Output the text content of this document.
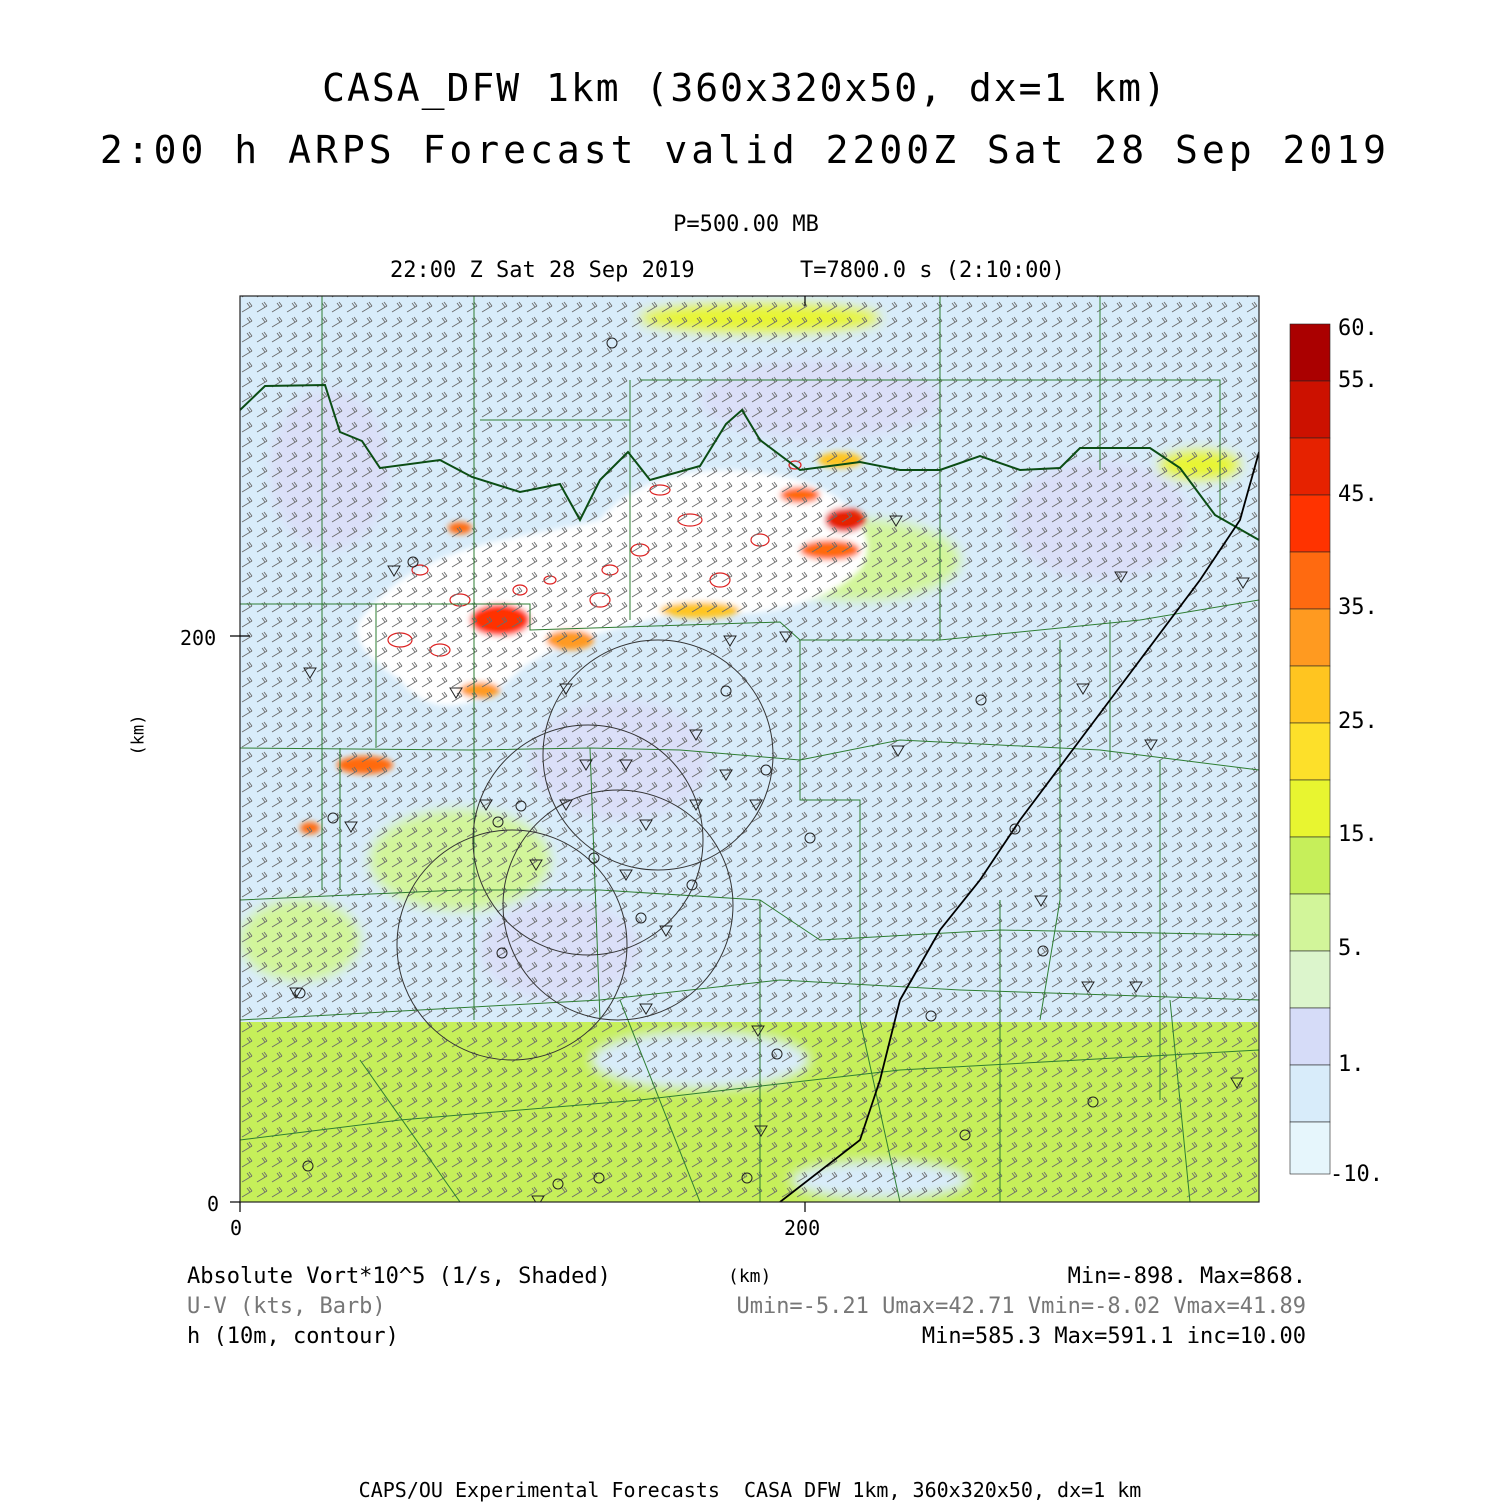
CASA_DFW 1km (360x320x50, dx=1 km)
2:00 h ARPS Forecast valid 2200Z Sat 28 Sep 2019
P=500.00 MB
22:00 Z Sat 28 Sep 2019	T=7800.0 s (2:10:00)
(km)
(km)
0	200
0
200
60.
55.
45.
35.
25.
15.
5.
1.
-10.
Absolute Vort*10^5 (1/s, Shaded)	Min=-898. Max=868.
U-V (kts, Barb)	Umin=-5.21 Umax=42.71 Vmin=-8.02 Vmax=41.89
h (10m, contour)	Min=585.3 Max=591.1 inc=10.00
CAPS/OU Experimental Forecasts  CASA DFW 1km, 360x320x50, dx=1 km
